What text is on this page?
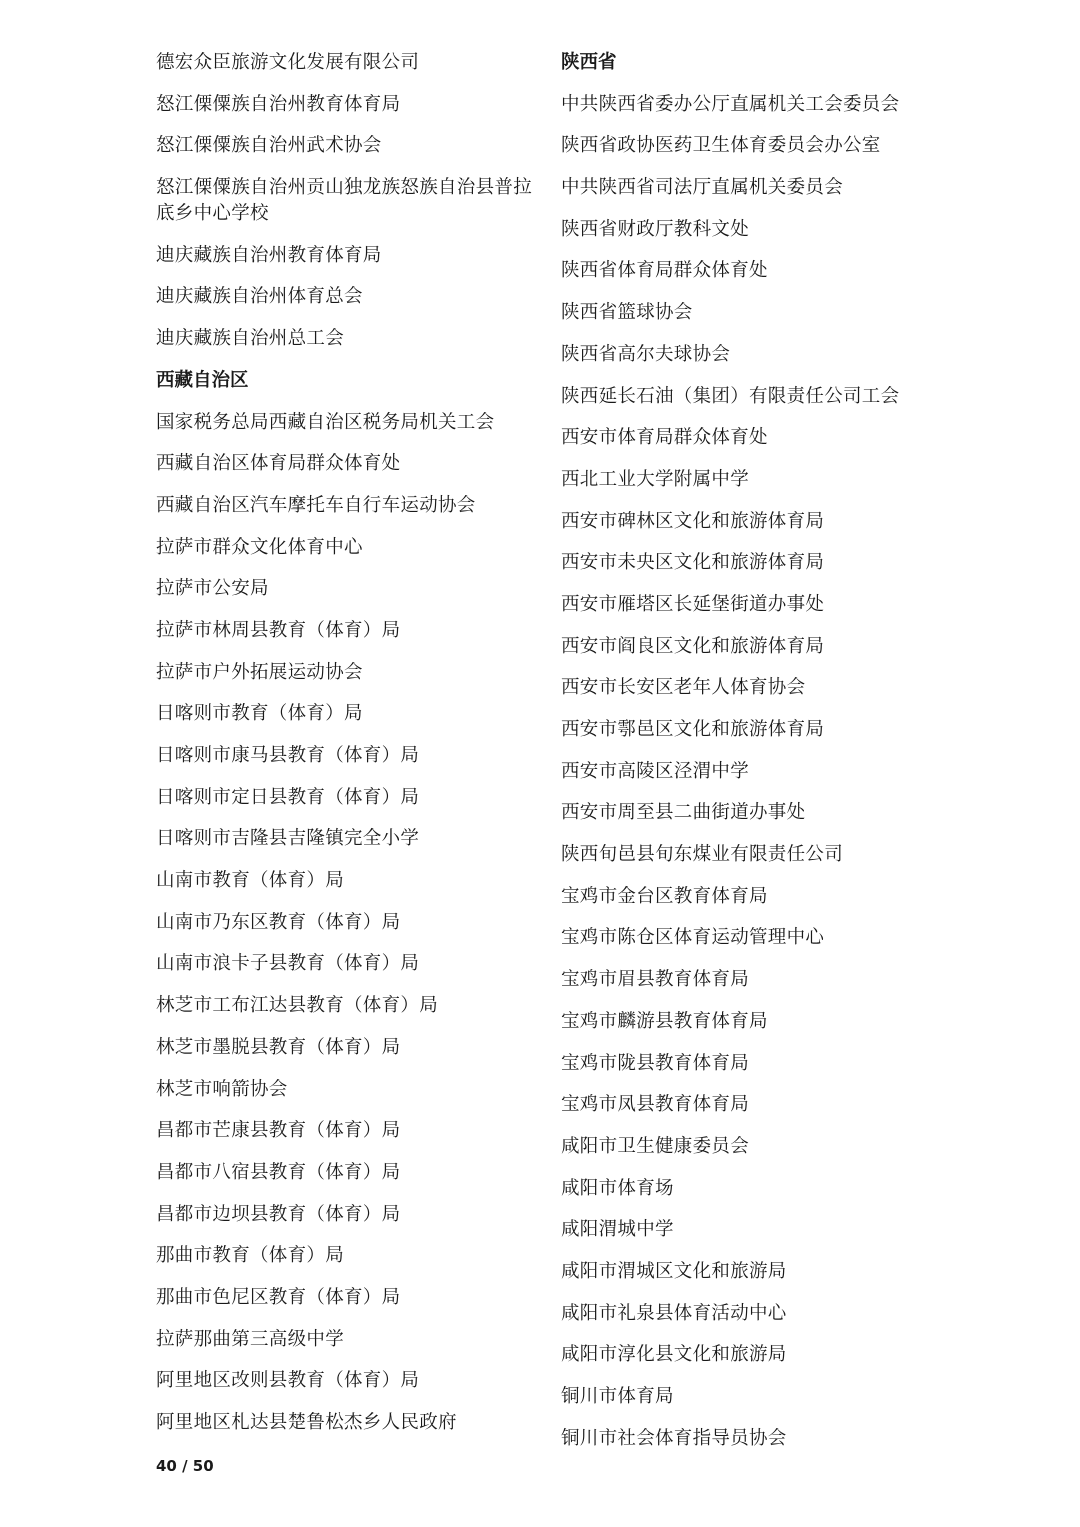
德宏众臣旅游文化发展有限公司
怒江傈僳族自治州教育体育局
怒江傈僳族自治州武术协会
怒江傈僳族自治州贡山独龙族怒族自治县普拉底乡中心学校
迪庆藏族自治州教育体育局
迪庆藏族自治州体育总会
迪庆藏族自治州总工会
西藏自治区
国家税务总局西藏自治区税务局机关工会
西藏自治区体育局群众体育处
西藏自治区汽车摩托车自行车运动协会
拉萨市群众文化体育中心
拉萨市公安局
拉萨市林周县教育（体育）局
拉萨市户外拓展运动协会
日喀则市教育（体育）局
日喀则市康马县教育（体育）局
日喀则市定日县教育（体育）局
日喀则市吉隆县吉隆镇完全小学
山南市教育（体育）局
山南市乃东区教育（体育）局
山南市浪卡子县教育（体育）局
林芝市工布江达县教育（体育）局
林芝市墨脱县教育（体育）局
林芝市响箭协会
昌都市芒康县教育（体育）局
昌都市八宿县教育（体育）局
昌都市边坝县教育（体育）局
那曲市教育（体育）局
那曲市色尼区教育（体育）局
拉萨那曲第三高级中学
阿里地区改则县教育（体育）局
阿里地区札达县楚鲁松杰乡人民政府
陕西省
中共陕西省委办公厅直属机关工会委员会
陕西省政协医药卫生体育委员会办公室
中共陕西省司法厅直属机关委员会
陕西省财政厅教科文处
陕西省体育局群众体育处
陕西省篮球协会
陕西省高尔夫球协会
陕西延长石油（集团）有限责任公司工会
西安市体育局群众体育处
西北工业大学附属中学
西安市碑林区文化和旅游体育局
西安市未央区文化和旅游体育局
西安市雁塔区长延堡街道办事处
西安市阎良区文化和旅游体育局
西安市长安区老年人体育协会
西安市鄠邑区文化和旅游体育局
西安市高陵区泾渭中学
西安市周至县二曲街道办事处
陕西旬邑县旬东煤业有限责任公司
宝鸡市金台区教育体育局
宝鸡市陈仓区体育运动管理中心
宝鸡市眉县教育体育局
宝鸡市麟游县教育体育局
宝鸡市陇县教育体育局
宝鸡市凤县教育体育局
咸阳市卫生健康委员会
咸阳市体育场
咸阳渭城中学
咸阳市渭城区文化和旅游局
咸阳市礼泉县体育活动中心
咸阳市淳化县文化和旅游局
铜川市体育局
铜川市社会体育指导员协会
40 / 50
